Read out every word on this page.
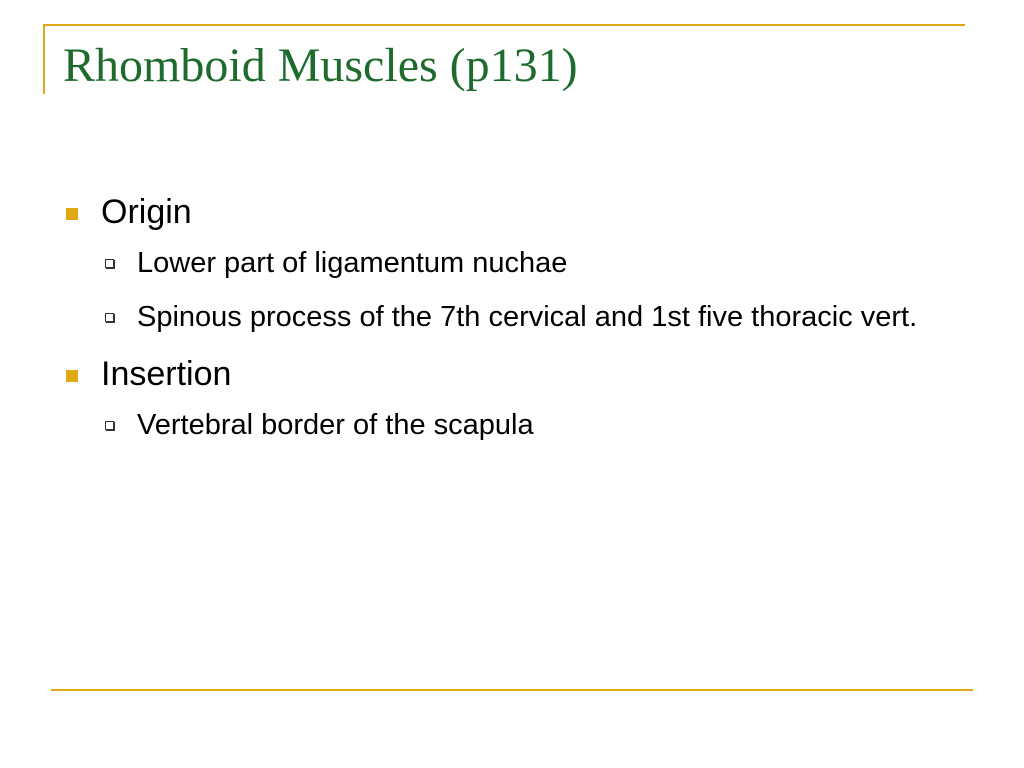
Rhomboid Muscles (p131)
Origin
Lower part of ligamentum nuchae
Spinous process of the 7th cervical and 1st five thoracic vert.
Insertion
Vertebral border of the scapula
